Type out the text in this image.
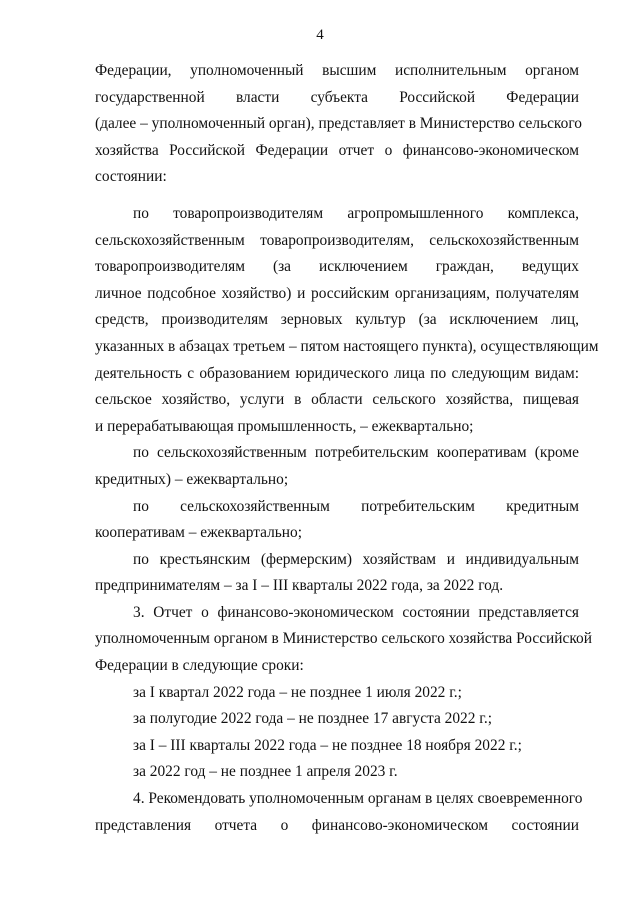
4
Федерации, уполномоченный высшим исполнительным органом
государственной власти субъекта Российской Федерации
(далее – уполномоченный орган), представляет в Министерство сельского
хозяйства Российской Федерации отчет о финансово-экономическом
состоянии:
по товаропроизводителям агропромышленного комплекса,
сельскохозяйственным товаропроизводителям, сельскохозяйственным
товаропроизводителям (за исключением граждан, ведущих
личное подсобное хозяйство) и российским организациям, получателям
средств, производителям зерновых культур (за исключением лиц,
указанных в абзацах третьем – пятом настоящего пункта), осуществляющим
деятельность с образованием юридического лица по следующим видам:
сельское хозяйство, услуги в области сельского хозяйства, пищевая
и перерабатывающая промышленность, – ежеквартально;
по сельскохозяйственным потребительским кооперативам (кроме
кредитных) – ежеквартально;
по сельскохозяйственным потребительским кредитным
кооперативам – ежеквартально;
по крестьянским (фермерским) хозяйствам и индивидуальным
предпринимателям – за I – III кварталы 2022 года, за 2022 год.
3. Отчет о финансово-экономическом состоянии представляется
уполномоченным органом в Министерство сельского хозяйства Российской
Федерации в следующие сроки:
за I квартал 2022 года – не позднее 1 июля 2022 г.;
за полугодие 2022 года – не позднее 17 августа 2022 г.;
за I – III кварталы 2022 года – не позднее 18 ноября 2022 г.;
за 2022 год – не позднее 1 апреля 2023 г.
4. Рекомендовать уполномоченным органам в целях своевременного
представления отчета о финансово-экономическом состоянии
